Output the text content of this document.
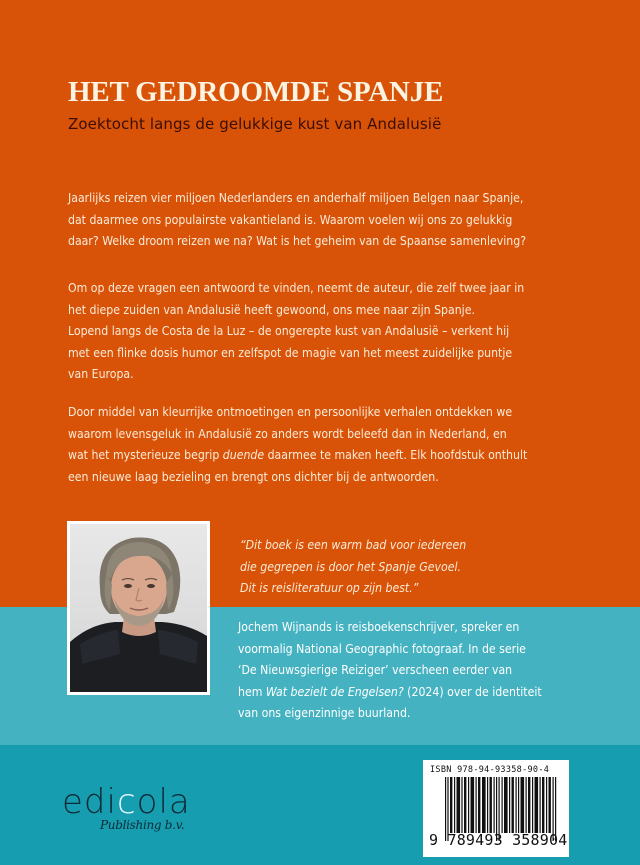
HET GEDROOMDE SPANJE
Zoektocht langs de gelukkige kust van Andalusië
Jaarlijks reizen vier miljoen Nederlanders en anderhalf miljoen Belgen naar Spanje,
dat daarmee ons populairste vakantieland is. Waarom voelen wij ons zo gelukkig
daar? Welke droom reizen we na? Wat is het geheim van de Spaanse samenleving?
Om op deze vragen een antwoord te vinden, neemt de auteur, die zelf twee jaar in
het diepe zuiden van Andalusië heeft gewoond, ons mee naar zijn Spanje.
Lopend langs de Costa de la Luz – de ongerepte kust van Andalusië – verkent hij
met een flinke dosis humor en zelfspot de magie van het meest zuidelijke puntje
van Europa.
Door middel van kleurrijke ontmoetingen en persoonlijke verhalen ontdekken we
waarom levensgeluk in Andalusië zo anders wordt beleefd dan in Nederland, en
wat het mysterieuze begrip duende daarmee te maken heeft. Elk hoofdstuk onthult
een nieuwe laag bezieling en brengt ons dichter bij de antwoorden.
“Dit boek is een warm bad voor iedereen
die gegrepen is door het Spanje Gevoel.
Dit is reisliteratuur op zijn best.”
Jochem Wijnands is reisboekenschrijver, spreker en
voormalig National Geographic fotograaf. In de serie
‘De Nieuwsgierige Reiziger’ verscheen eerder van
hem Wat bezielt de Engelsen? (2024) over de identiteit
van ons eigenzinnige buurland.
edicola
Publishing b.v.
ISBN 978-94-93358-90-4
9 789493 358904
